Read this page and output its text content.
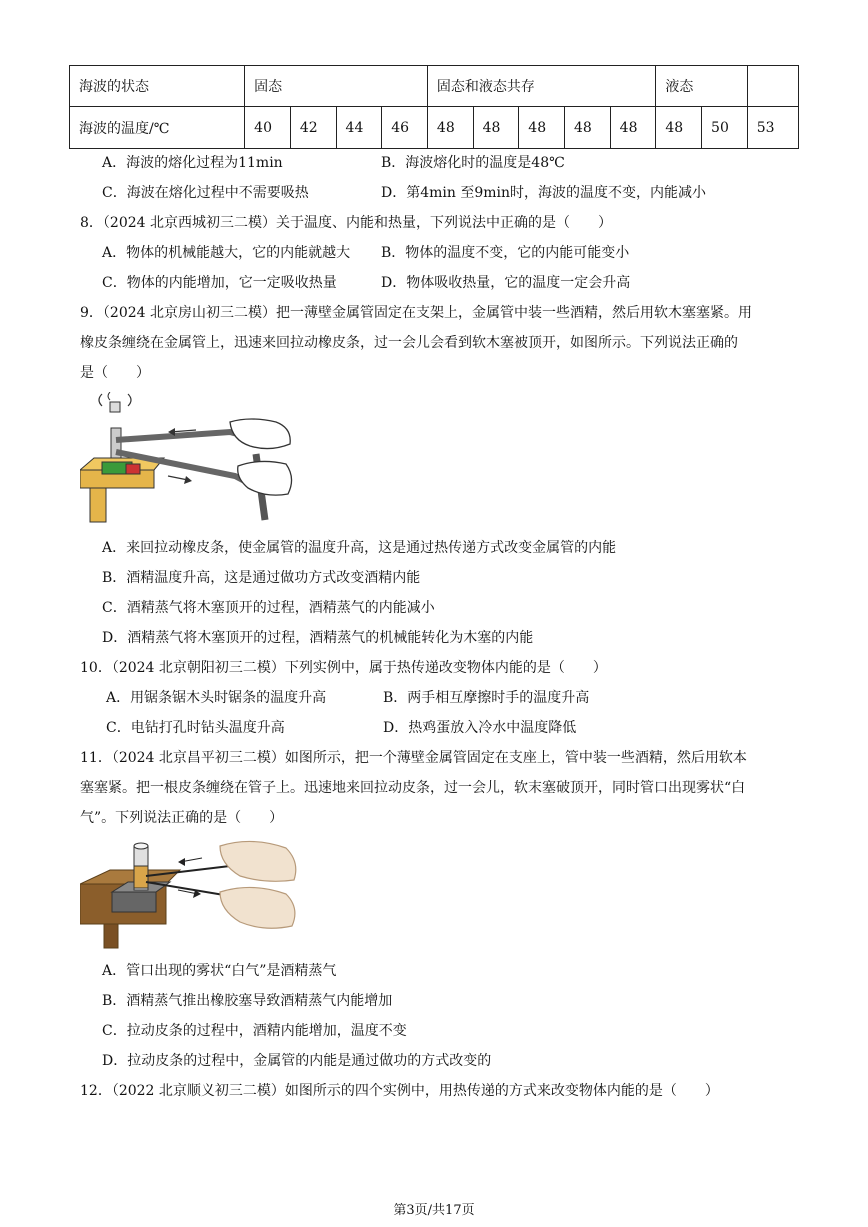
海波的状态	固态				固态和液态共存					液态		
海波的温度/℃	40	42	44	46	48	48	48	48	48	48	50	53
A．海波的熔化过程为11min	B．海波熔化时的温度是48℃
C．海波在熔化过程中不需要吸热	D．第4min 至9min时，海波的温度不变，内能减小
8．（2024 北京西城初三二模）关于温度、内能和热量，下列说法中正确的是（　　）
A．物体的机械能越大，它的内能就越大 B．物体的温度不变，它的内能可能变小
C．物体的内能增加，它一定吸收热量	D．物体吸收热量，它的温度一定会升高
9．（2024 北京房山初三二模）把一薄壁金属管固定在支架上，金属管中装一些酒精，然后用软木塞塞紧。用
橡皮条缠绕在金属管上，迅速来回拉动橡皮条，过一会儿会看到软木塞被顶开，如图所示。下列说法正确的
是（　　）
A．来回拉动橡皮条，使金属管的温度升高，这是通过热传递方式改变金属管的内能
B．酒精温度升高，这是通过做功方式改变酒精内能
C．酒精蒸气将木塞顶开的过程，酒精蒸气的内能减小
D．酒精蒸气将木塞顶开的过程，酒精蒸气的机械能转化为木塞的内能
10．（2024 北京朝阳初三二模）下列实例中，属于热传递改变物体内能的是（　　）
A．用锯条锯木头时锯条的温度升高	B．两手相互摩擦时手的温度升高
C．电钻打孔时钻头温度升高	D．热鸡蛋放入冷水中温度降低
11．（2024 北京昌平初三二模）如图所示，把一个薄壁金属管固定在支座上，管中装一些酒精，然后用软本
塞塞紧。把一根皮条缠绕在管子上。迅速地来回拉动皮条，过一会儿，软末塞破顶开，同时管口出现雾状“白
气”。下列说法正确的是（　　）
A．管口出现的雾状“白气”是酒精蒸气
B．酒精蒸气推出橡胶塞导致酒精蒸气内能增加
C．拉动皮条的过程中，酒精内能增加，温度不变
D．拉动皮条的过程中，金属管的内能是通过做功的方式改变的
12．（2022 北京顺义初三二模）如图所示的四个实例中，用热传递的方式来改变物体内能的是（　　）
第3页/共17页
